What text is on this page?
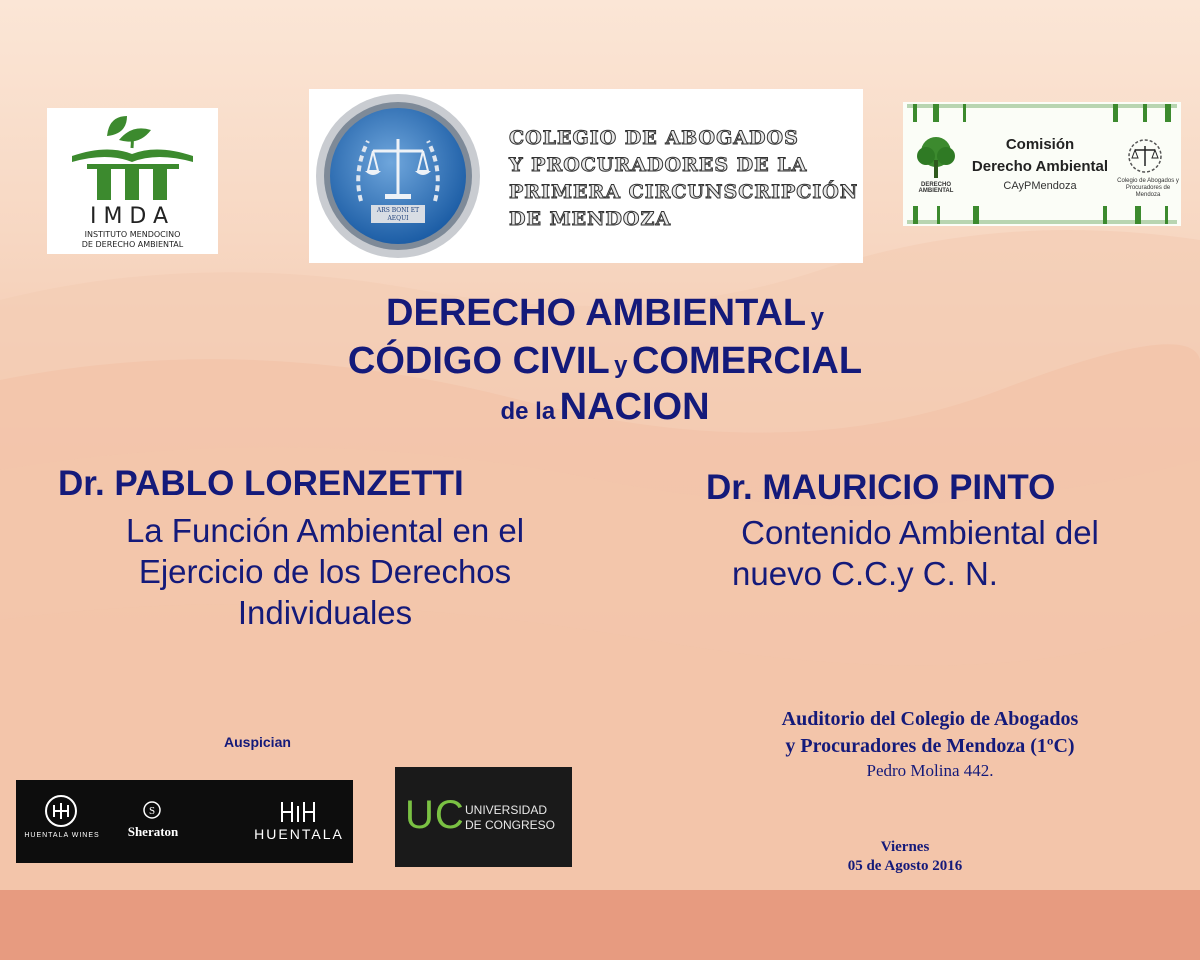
IMDA
INSTITUTO MENDOCINO
DE DERECHO AMBIENTAL
ARS BONI ET AEQUI
COLEGIO DE ABOGADOS
Y PROCURADORES DE LA
PRIMERA CIRCUNSCRIPCIÓN
DE MENDOZA
DERECHO AMBIENTAL
Comisión
Derecho Ambiental
CAyPMendoza	Colegio de Abogados y Procuradores de Mendoza
DERECHO AMBIENTAL y
CÓDIGO CIVIL y COMERCIAL
de la NACION
Dr. PABLO LORENZETTI
La Función Ambiental en el
Ejercicio de los Derechos
Individuales
Dr. MAURICIO PINTO
Contenido Ambiental del
nuevo C.C.y C. N.
Auspician
HUENTALA WINES
S
Sheraton	HUENTALA UC UNIVERSIDAD
DE CONGRESO
Auditorio del Colegio de Abogados
y Procuradores de Mendoza (1ºC)
Pedro Molina 442.
Viernes
05 de Agosto 2016
